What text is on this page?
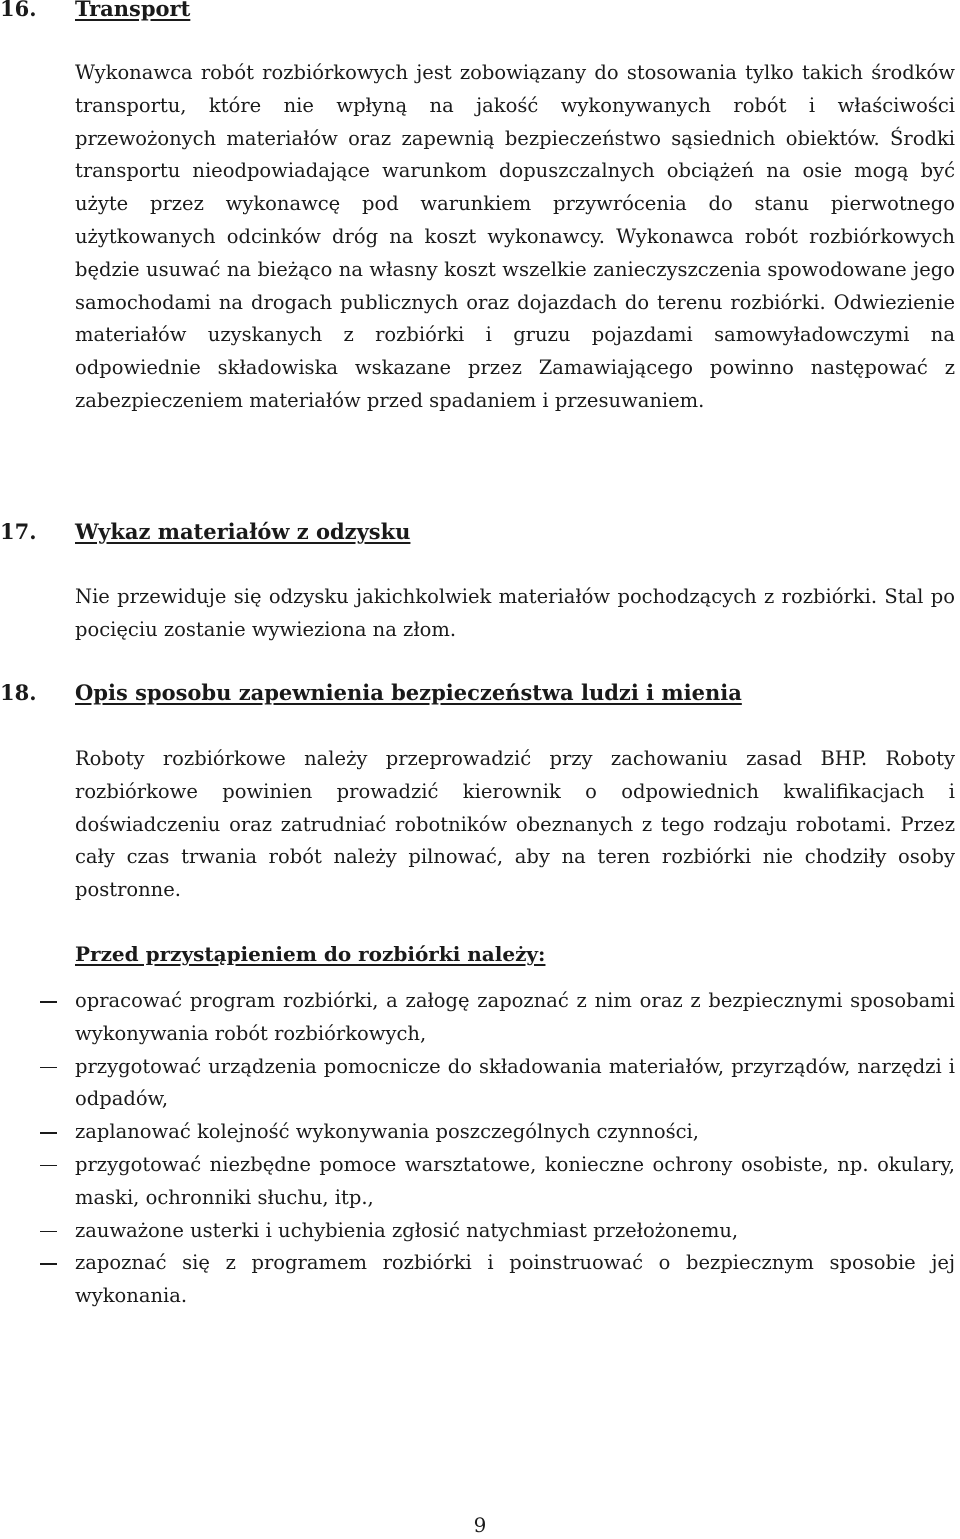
16. Transport

Wykonawca robót rozbiórkowych jest zobowiązany do stosowania tylko takich środków transportu, które nie wpłyną na jakość wykonywanych robót i właściwości przewożonych materiałów oraz zapewnią bezpieczeństwo sąsiednich obiektów. Środki transportu nieodpowiadające warunkom dopuszczalnych obciążeń na osie mogą być użyte przez wykonawcę pod warunkiem przywrócenia do stanu pierwotnego użytkowanych odcinków dróg na koszt wykonawcy. Wykonawca robót rozbiórkowych będzie usuwać na bieżąco na własny koszt wszelkie zanieczyszczenia spowodowane jego samochodami na drogach publicznych oraz dojazdach do terenu rozbiórki. Odwiezienie materiałów uzyskanych z rozbiórki i gruzu pojazdami samowyładowczymi na odpowiednie składowiska wskazane przez Zamawiającego powinno następować z zabezpieczeniem materiałów przed spadaniem i przesuwaniem.

17. Wykaz materiałów z odzysku

Nie przewiduje się odzysku jakichkolwiek materiałów pochodzących z rozbiórki. Stal po pocięciu zostanie wywieziona na złom.

18. Opis sposobu zapewnienia bezpieczeństwa ludzi i mienia

Roboty rozbiórkowe należy przeprowadzić przy zachowaniu zasad BHP. Roboty rozbiórkowe powinien prowadzić kierownik o odpowiednich kwalifikacjach i doświadczeniu oraz zatrudniać robotników obeznanych z tego rodzaju robotami. Przez cały czas trwania robót należy pilnować, aby na teren rozbiórki nie chodziły osoby postronne.

Przed przystąpieniem do rozbiórki należy:
opracować program rozbiórki, a załogę zapoznać z nim oraz z bezpiecznymi sposobami wykonywania robót rozbiórkowych,
przygotować urządzenia pomocnicze do składowania materiałów, przyrządów, narzędzi i odpadów,
zaplanować kolejność wykonywania poszczególnych czynności,
przygotować niezbędne pomoce warsztatowe, konieczne ochrony osobiste, np. okulary, maski, ochronniki słuchu, itp.,
zauważone usterki i uchybienia zgłosić natychmiast przełożonemu,
zapoznać się z programem rozbiórki i poinstruować o bezpiecznym sposobie jej wykonania.
9
